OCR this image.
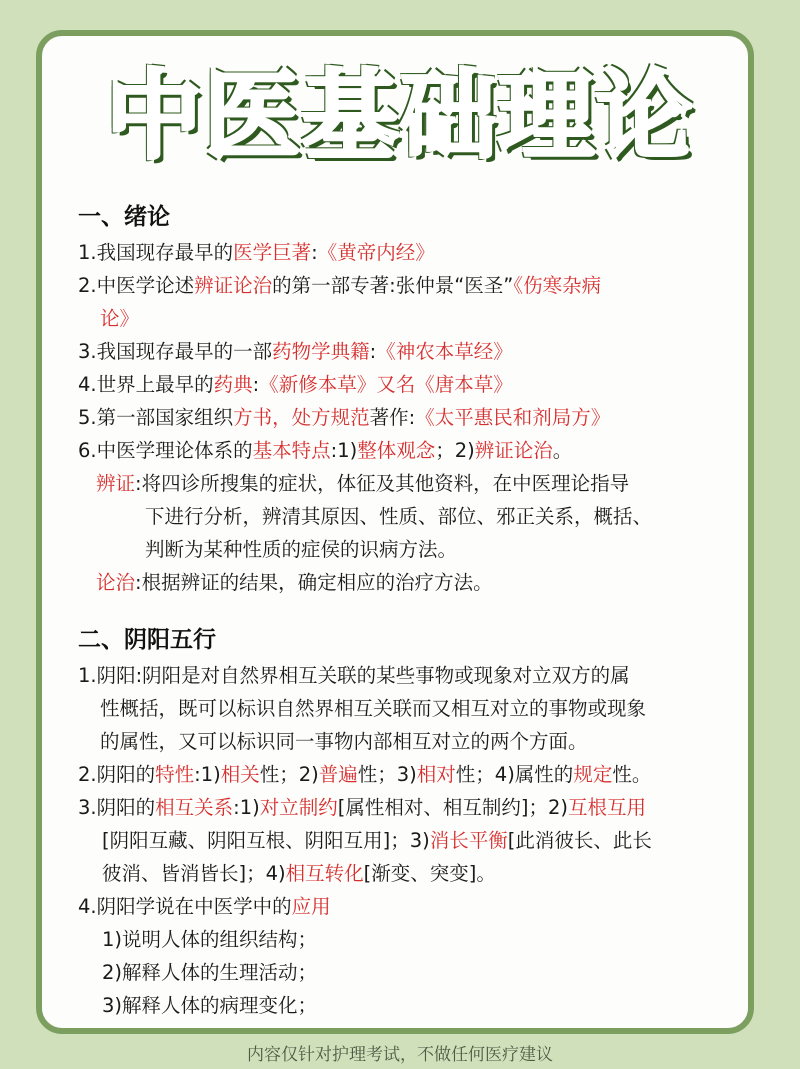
中医基础理论
一、绪论
1.我国现存最早的医学巨著:《黄帝内经》
2.中医学论述辨证论治的第一部专著:张仲景“医圣”《伤寒杂病
论》
3.我国现存最早的一部药物学典籍:《神农本草经》
4.世界上最早的药典:《新修本草》又名《唐本草》
5.第一部国家组织方书，处方规范著作:《太平惠民和剂局方》
6.中医学理论体系的基本特点:1)整体观念；2)辨证论治。
辨证:将四诊所搜集的症状，体征及其他资料，在中医理论指导
下进行分析，辨清其原因、性质、部位、邪正关系，概括、
判断为某种性质的症侯的识病方法。
论治:根据辨证的结果，确定相应的治疗方法。
二、阴阳五行
1.阴阳:阴阳是对自然界相互关联的某些事物或现象对立双方的属
性概括，既可以标识自然界相互关联而又相互对立的事物或现象
的属性，又可以标识同一事物内部相互对立的两个方面。
2.阴阳的特性:1)相关性；2)普遍性；3)相对性；4)属性的规定性。
3.阴阳的相互关系:1)对立制约[属性相对、相互制约]；2)互根互用
[阴阳互藏、阴阳互根、阴阳互用]；3)消长平衡[此消彼长、此长
彼消、皆消皆长]；4)相互转化[渐变、突变]。
4.阴阳学说在中医学中的应用
1)说明人体的组织结构；
2)解释人体的生理活动；
3)解释人体的病理变化；
内容仅针对护理考试，不做任何医疗建议
